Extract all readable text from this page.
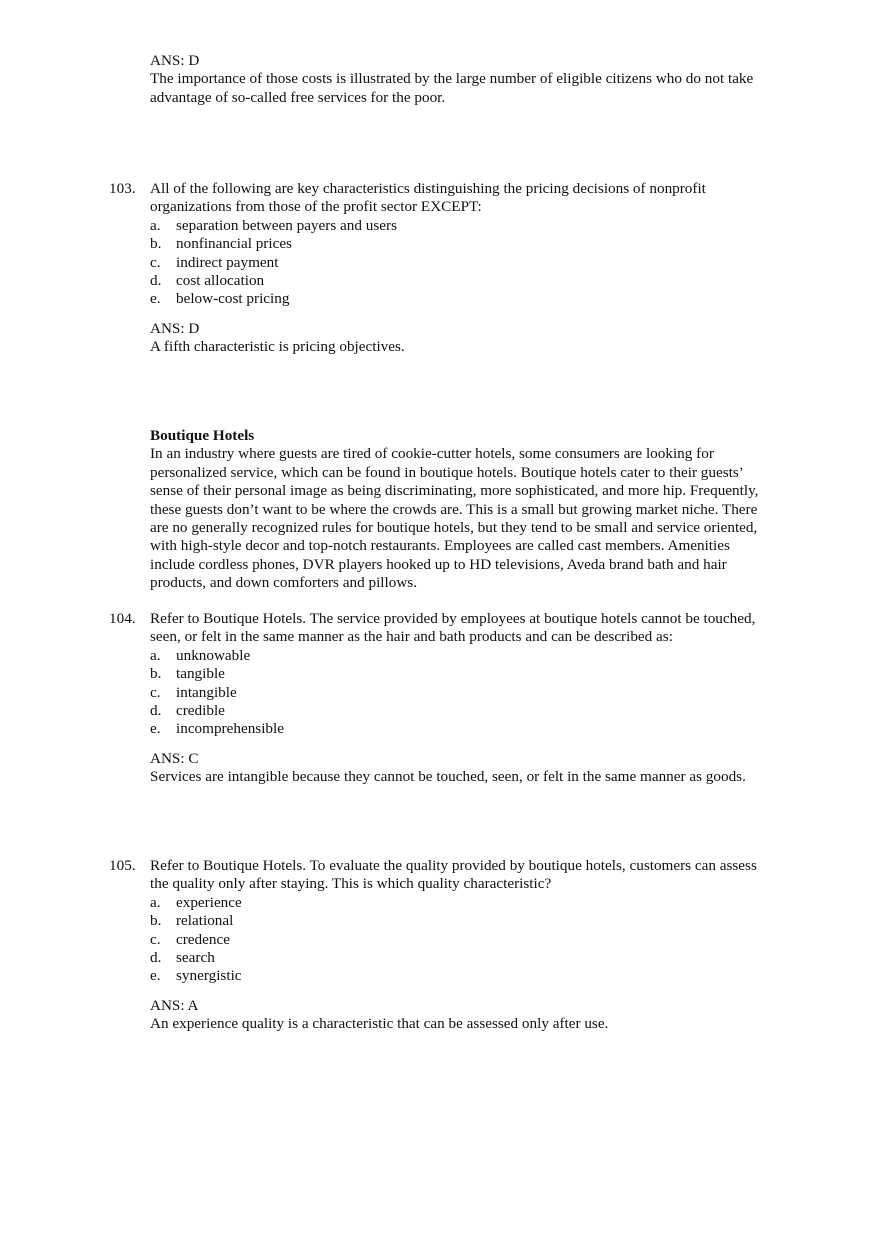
ANS: D
The importance of those costs is illustrated by the large number of eligible citizens who do not take
advantage of so-called free services for the poor.
103. All of the following are key characteristics distinguishing the pricing decisions of nonprofit
organizations from those of the profit sector EXCEPT:
a. separation between payers and users
b. nonfinancial prices
c. indirect payment
d. cost allocation
e. below-cost pricing
ANS: D
A fifth characteristic is pricing objectives.
Boutique Hotels
In an industry where guests are tired of cookie-cutter hotels, some consumers are looking for
personalized service, which can be found in boutique hotels. Boutique hotels cater to their guests’
sense of their personal image as being discriminating, more sophisticated, and more hip. Frequently,
these guests don’t want to be where the crowds are. This is a small but growing market niche. There
are no generally recognized rules for boutique hotels, but they tend to be small and service oriented,
with high-style decor and top-notch restaurants. Employees are called cast members. Amenities
include cordless phones, DVR players hooked up to HD televisions, Aveda brand bath and hair
products, and down comforters and pillows.
104. Refer to Boutique Hotels. The service provided by employees at boutique hotels cannot be touched,
seen, or felt in the same manner as the hair and bath products and can be described as:
a. unknowable
b. tangible
c. intangible
d. credible
e. incomprehensible
ANS: C
Services are intangible because they cannot be touched, seen, or felt in the same manner as goods.
105. Refer to Boutique Hotels. To evaluate the quality provided by boutique hotels, customers can assess
the quality only after staying. This is which quality characteristic?
a. experience
b. relational
c. credence
d. search
e. synergistic
ANS: A
An experience quality is a characteristic that can be assessed only after use.
